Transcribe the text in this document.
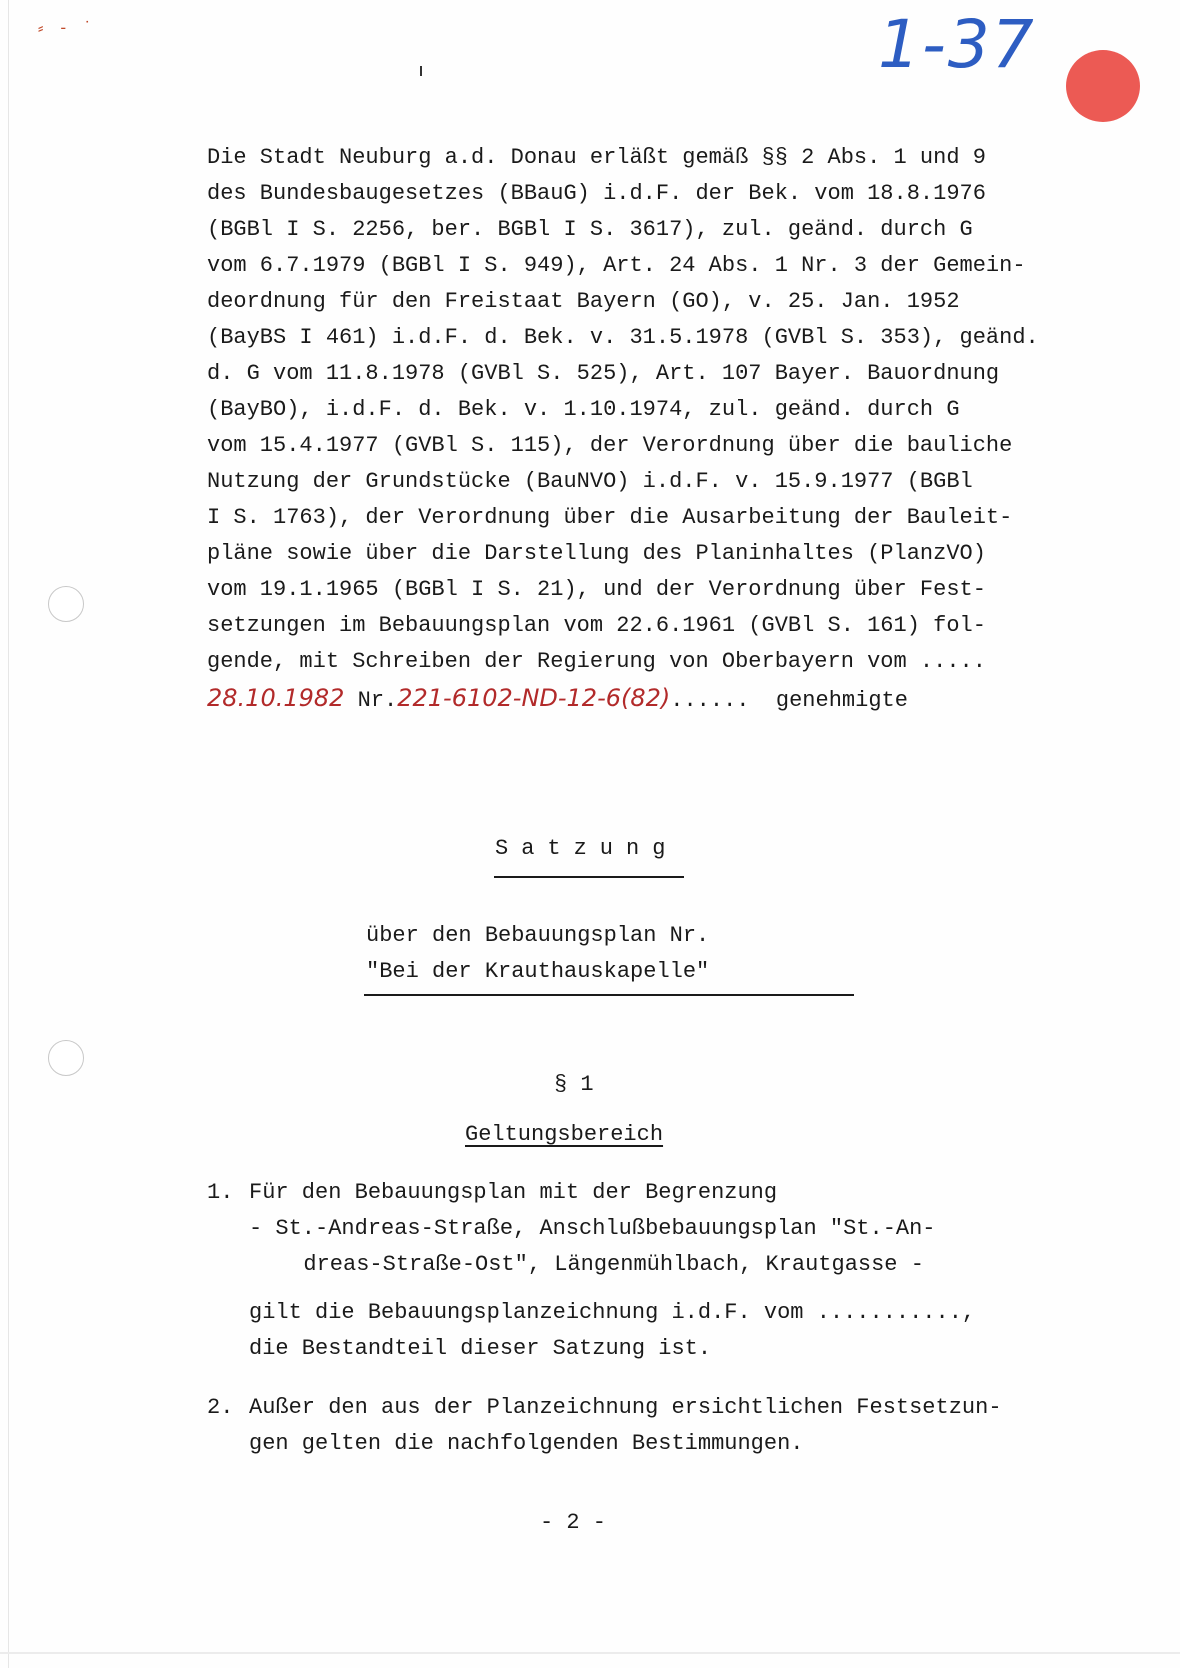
⸗ ‐ ˙	1-37
Die Stadt Neuburg a.d. Donau erläßt gemäß §§ 2 Abs. 1 und 9
des Bundesbaugesetzes (BBauG) i.d.F. der Bek. vom 18.8.1976
(BGBl I S. 2256, ber. BGBl I S. 3617), zul. geänd. durch G
vom 6.7.1979 (BGBl I S. 949), Art. 24 Abs. 1 Nr. 3 der Gemein-
deordnung für den Freistaat Bayern (GO), v. 25. Jan. 1952
(BayBS I 461) i.d.F. d. Bek. v. 31.5.1978 (GVBl S. 353), geänd.
d. G vom 11.8.1978 (GVBl S. 525), Art. 107 Bayer. Bauordnung
(BayBO), i.d.F. d. Bek. v. 1.10.1974, zul. geänd. durch G
vom 15.4.1977 (GVBl S. 115), der Verordnung über die bauliche
Nutzung der Grundstücke (BauNVO) i.d.F. v. 15.9.1977 (BGBl
I S. 1763), der Verordnung über die Ausarbeitung der Bauleit-
pläne sowie über die Darstellung des Planinhaltes (PlanzVO)
vom 19.1.1965 (BGBl I S. 21), und der Verordnung über Fest-
setzungen im Bebauungsplan vom 22.6.1961 (GVBl S. 161) fol-
gende, mit Schreiben der Regierung von Oberbayern vom .....
28.10.1982 Nr.221-6102-ND-12-6(82)...... genehmigte
Satzung
über den Bebauungsplan Nr.
"Bei der Krauthauskapelle"
§ 1
Geltungsbereich
1. Für den Bebauungsplan mit der Begrenzung
- St.-Andreas-Straße, Anschlußbebauungsplan "St.-An-
dreas-Straße-Ost", Längenmühlbach, Krautgasse -
gilt die Bebauungsplanzeichnung i.d.F. vom ...........,
die Bestandteil dieser Satzung ist.
2. Außer den aus der Planzeichnung ersichtlichen Festsetzun-
gen gelten die nachfolgenden Bestimmungen.
- 2 -
